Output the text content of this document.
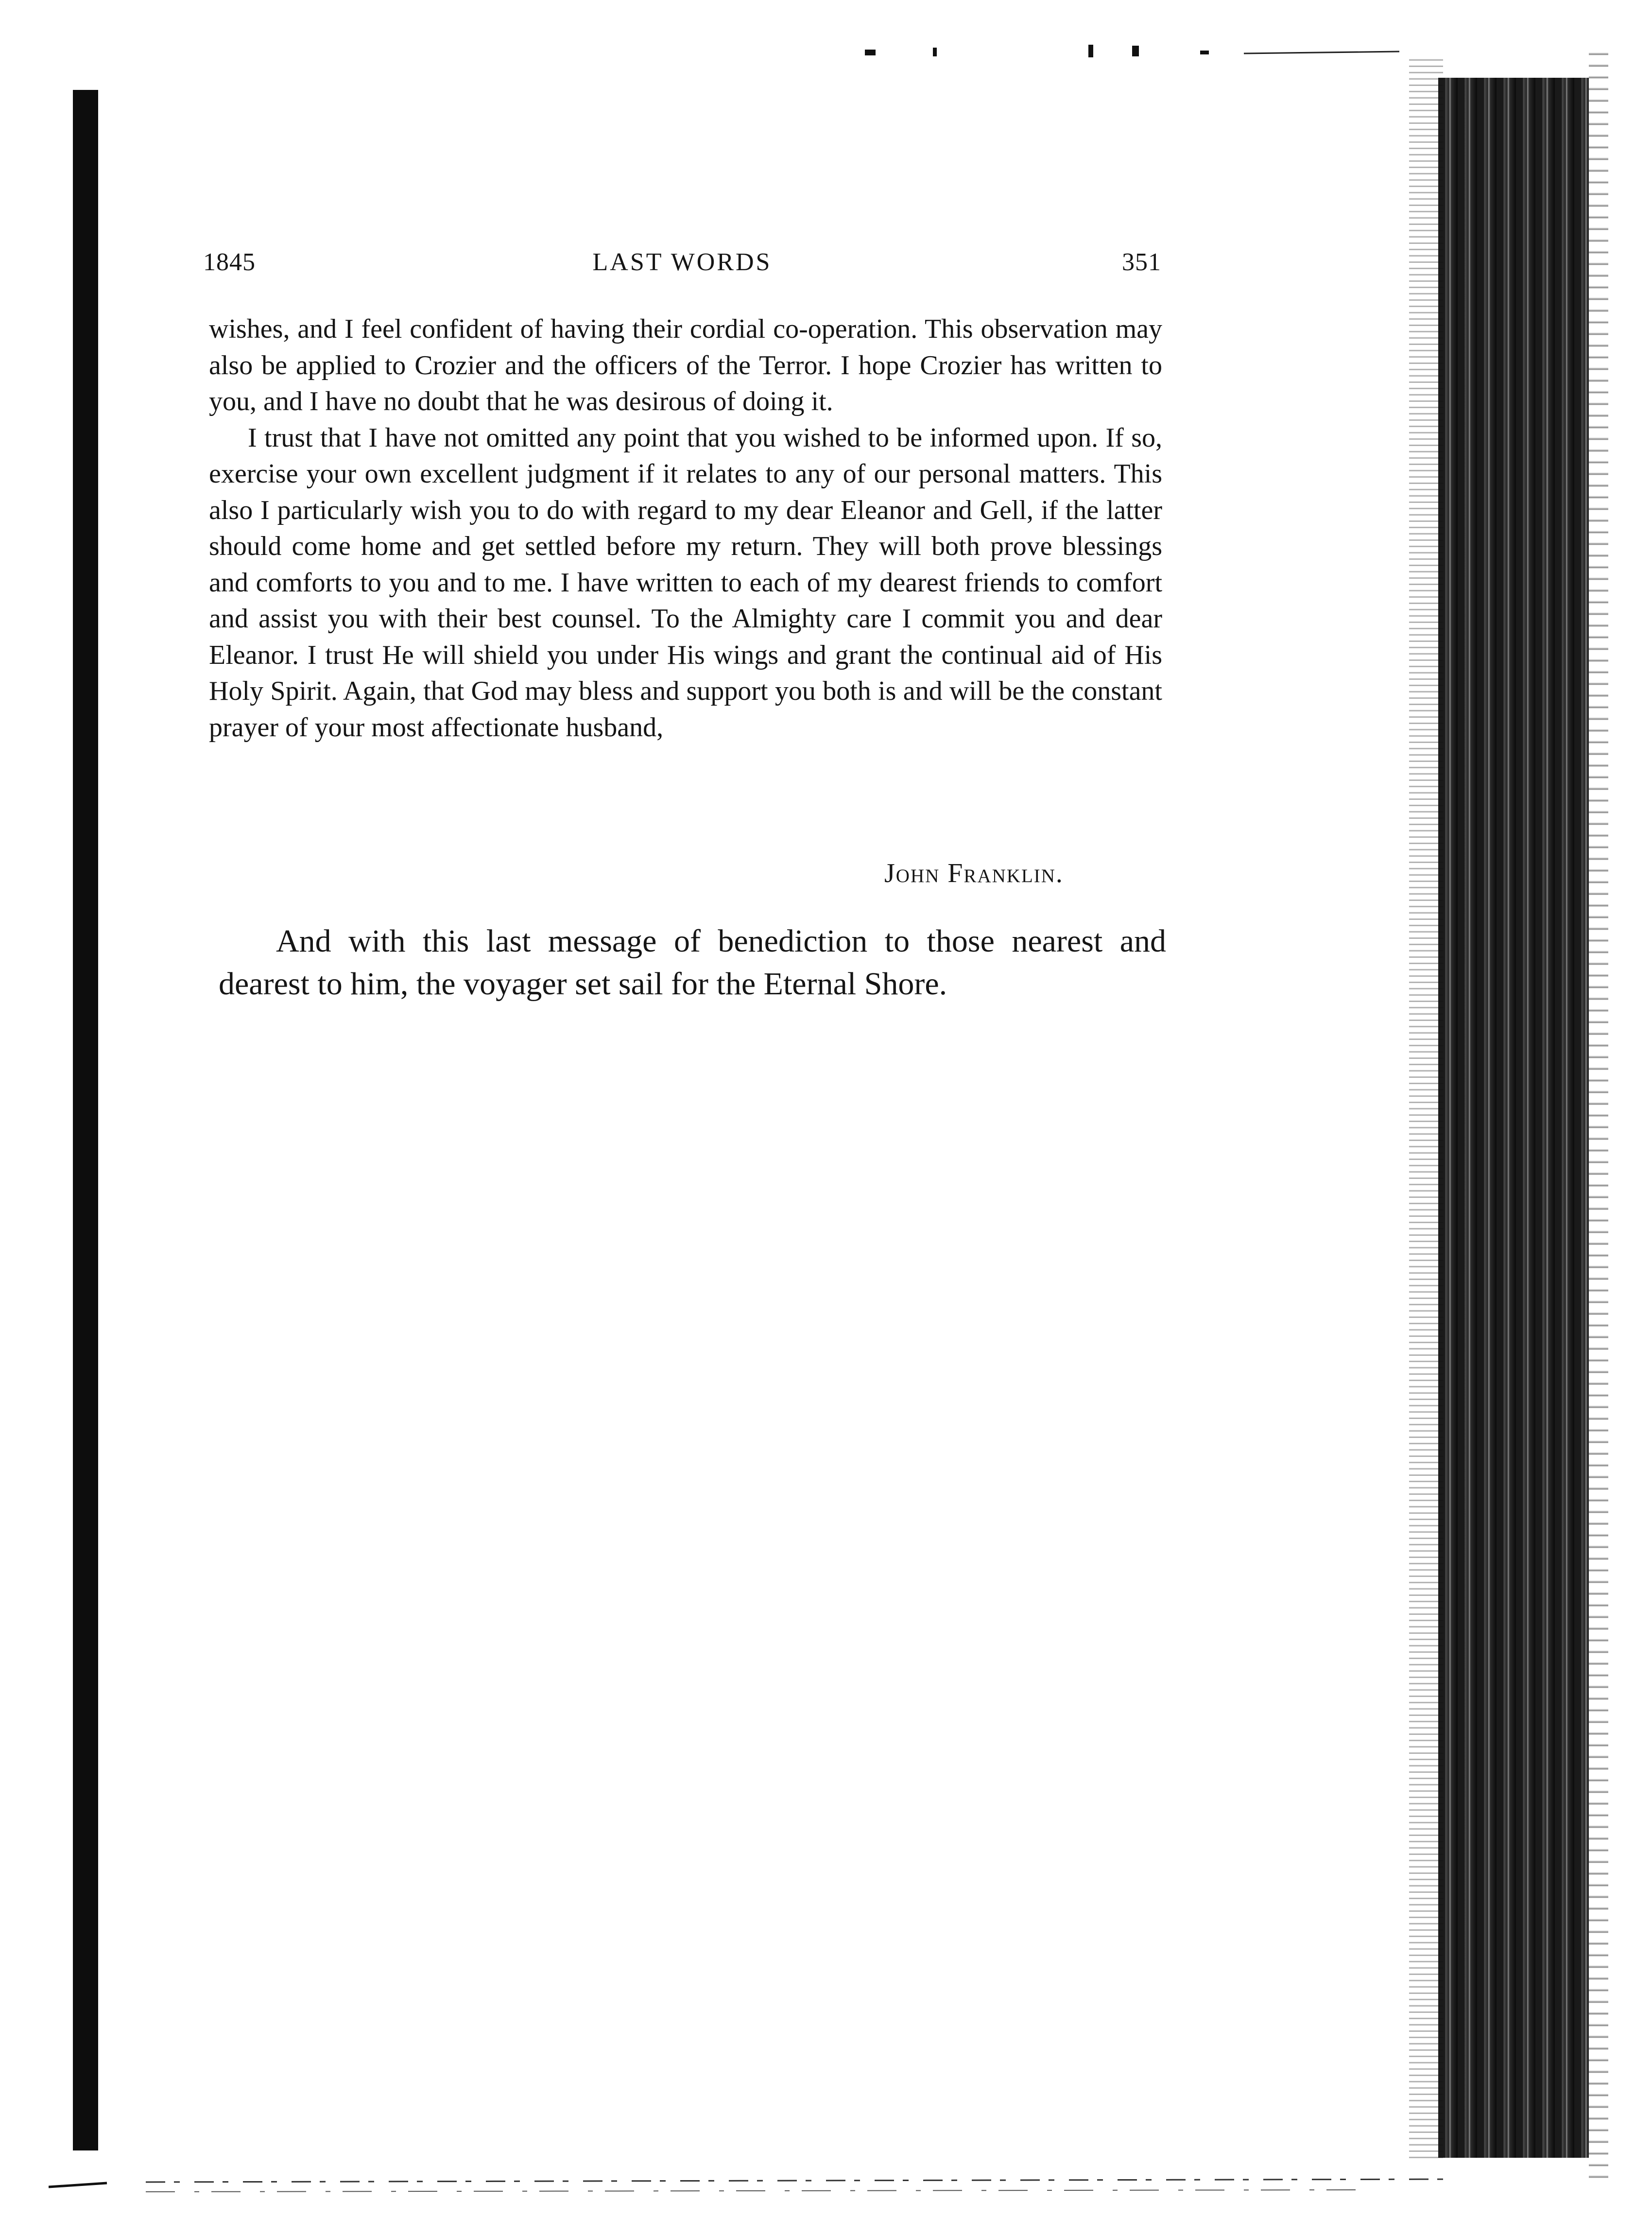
1845	LAST WORDS	351

wishes, and I feel confident of having their cordial co-operation. This observation may also be applied to Crozier and the officers of the Terror. I hope Crozier has written to you, and I have no doubt that he was desirous of doing it.

I trust that I have not omitted any point that you wished to be informed upon. If so, exercise your own excellent judgment if it relates to any of our personal matters. This also I particularly wish you to do with regard to my dear Eleanor and Gell, if the latter should come home and get settled before my return. They will both prove blessings and comforts to you and to me. I have written to each of my dearest friends to comfort and assist you with their best counsel. To the Almighty care I commit you and dear Eleanor. I trust He will shield you under His wings and grant the continual aid of His Holy Spirit. Again, that God may bless and support you both is and will be the constant prayer of your most affectionate husband,

John Franklin.

And with this last message of benediction to those nearest and dearest to him, the voyager set sail for the Eternal Shore.
